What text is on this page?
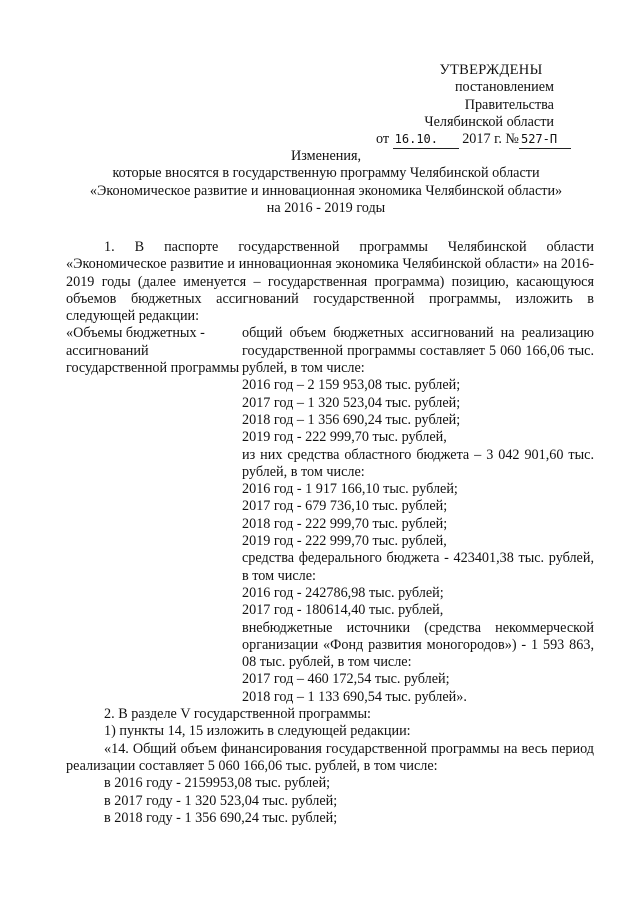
УТВЕРЖДЕНЫ
постановлением Правительства
Челябинской области
от 16.10. 2017 г. № 527-П
Изменения,
которые вносятся в государственную программу Челябинской области
«Экономическое развитие и инновационная экономика Челябинской области»
на 2016 - 2019 годы
1. В паспорте государственной программы Челябинской области «Экономическое развитие и инновационная экономика Челябинской области» на 2016-2019 годы (далее именуется – государственная программа) позицию, касающуюся объемов бюджетных ассигнований государственной программы, изложить в следующей редакции:
«Объемы бюджетных - ассигнований государственной программы
общий объем бюджетных ассигнований на реализацию государственной программы составляет 5 060 166,06 тыс. рублей, в том числе:
2016 год – 2 159 953,08 тыс. рублей;
2017 год – 1 320 523,04 тыс. рублей;
2018 год – 1 356 690,24 тыс. рублей;
2019 год - 222 999,70 тыс. рублей,
из них средства областного бюджета – 3 042 901,60 тыс. рублей, в том числе:
2016 год - 1 917 166,10 тыс. рублей;
2017 год - 679 736,10 тыс. рублей;
2018 год - 222 999,70 тыс. рублей;
2019 год - 222 999,70 тыс. рублей,
средства федерального бюджета - 423401,38 тыс. рублей, в том числе:
2016 год - 242786,98 тыс. рублей;
2017 год - 180614,40 тыс. рублей,
внебюджетные источники (средства некоммерческой организации «Фонд развития моногородов») - 1 593 863, 08 тыс. рублей, в том числе:
2017 год – 460 172,54 тыс. рублей;
2018 год – 1 133 690,54 тыс. рублей».
2. В разделе V государственной программы:
1) пункты 14, 15 изложить в следующей редакции:
«14. Общий объем финансирования государственной программы на весь период реализации составляет 5 060 166,06 тыс. рублей, в том числе:
в 2016 году - 2159953,08 тыс. рублей;
в 2017 году - 1 320 523,04 тыс. рублей;
в 2018 году - 1 356 690,24 тыс. рублей;
